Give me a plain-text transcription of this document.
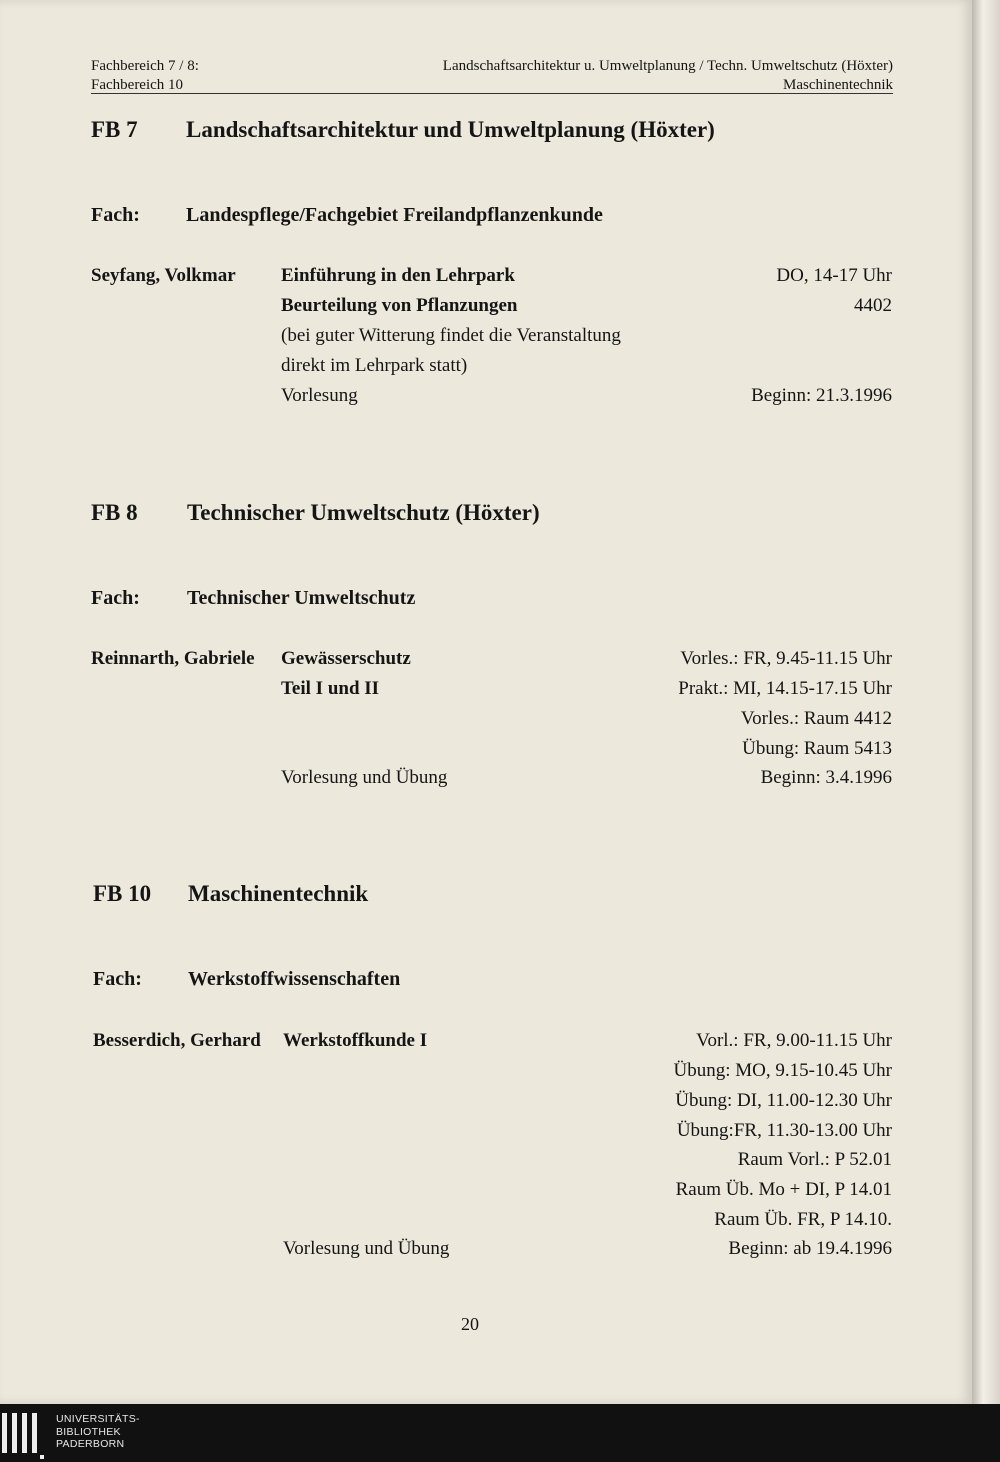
Fachbereich 7 / 8:	Landschaftsarchitektur u. Umweltplanung / Techn. Umweltschutz (Höxter)
Fachbereich 10	Maschinentechnik
FB 7 Landschaftsarchitektur und Umweltplanung (Höxter)
Fach: Landespflege/Fachgebiet Freilandpflanzenkunde
Seyfang, Volkmar Einführung in den Lehrpark
Beurteilung von Pflanzungen
(bei guter Witterung findet die Veranstaltung
direkt im Lehrpark statt)
Vorlesung
DO, 14-17 Uhr
4402
Beginn: 21.3.1996
FB 8 Technischer Umweltschutz (Höxter)
Fach: Technischer Umweltschutz
Reinnarth, Gabriele Gewässerschutz
Teil I und II
Vorlesung und Übung
Vorles.: FR, 9.45-11.15 Uhr
Prakt.: MI, 14.15-17.15 Uhr
Vorles.: Raum 4412
Übung: Raum 5413
Beginn: 3.4.1996
FB 10 Maschinentechnik
Fach: Werkstoffwissenschaften
Besserdich, Gerhard Werkstoffkunde I
Vorlesung und Übung
Vorl.: FR, 9.00-11.15 Uhr
Übung: MO, 9.15-10.45 Uhr
Übung: DI, 11.00-12.30 Uhr
Übung:FR, 11.30-13.00 Uhr
Raum Vorl.: P 52.01
Raum Üb. Mo + DI, P 14.01
Raum Üb. FR, P 14.10.
Beginn: ab 19.4.1996
20
UNIVERSITÄTS-
BIBLIOTHEK
PADERBORN
